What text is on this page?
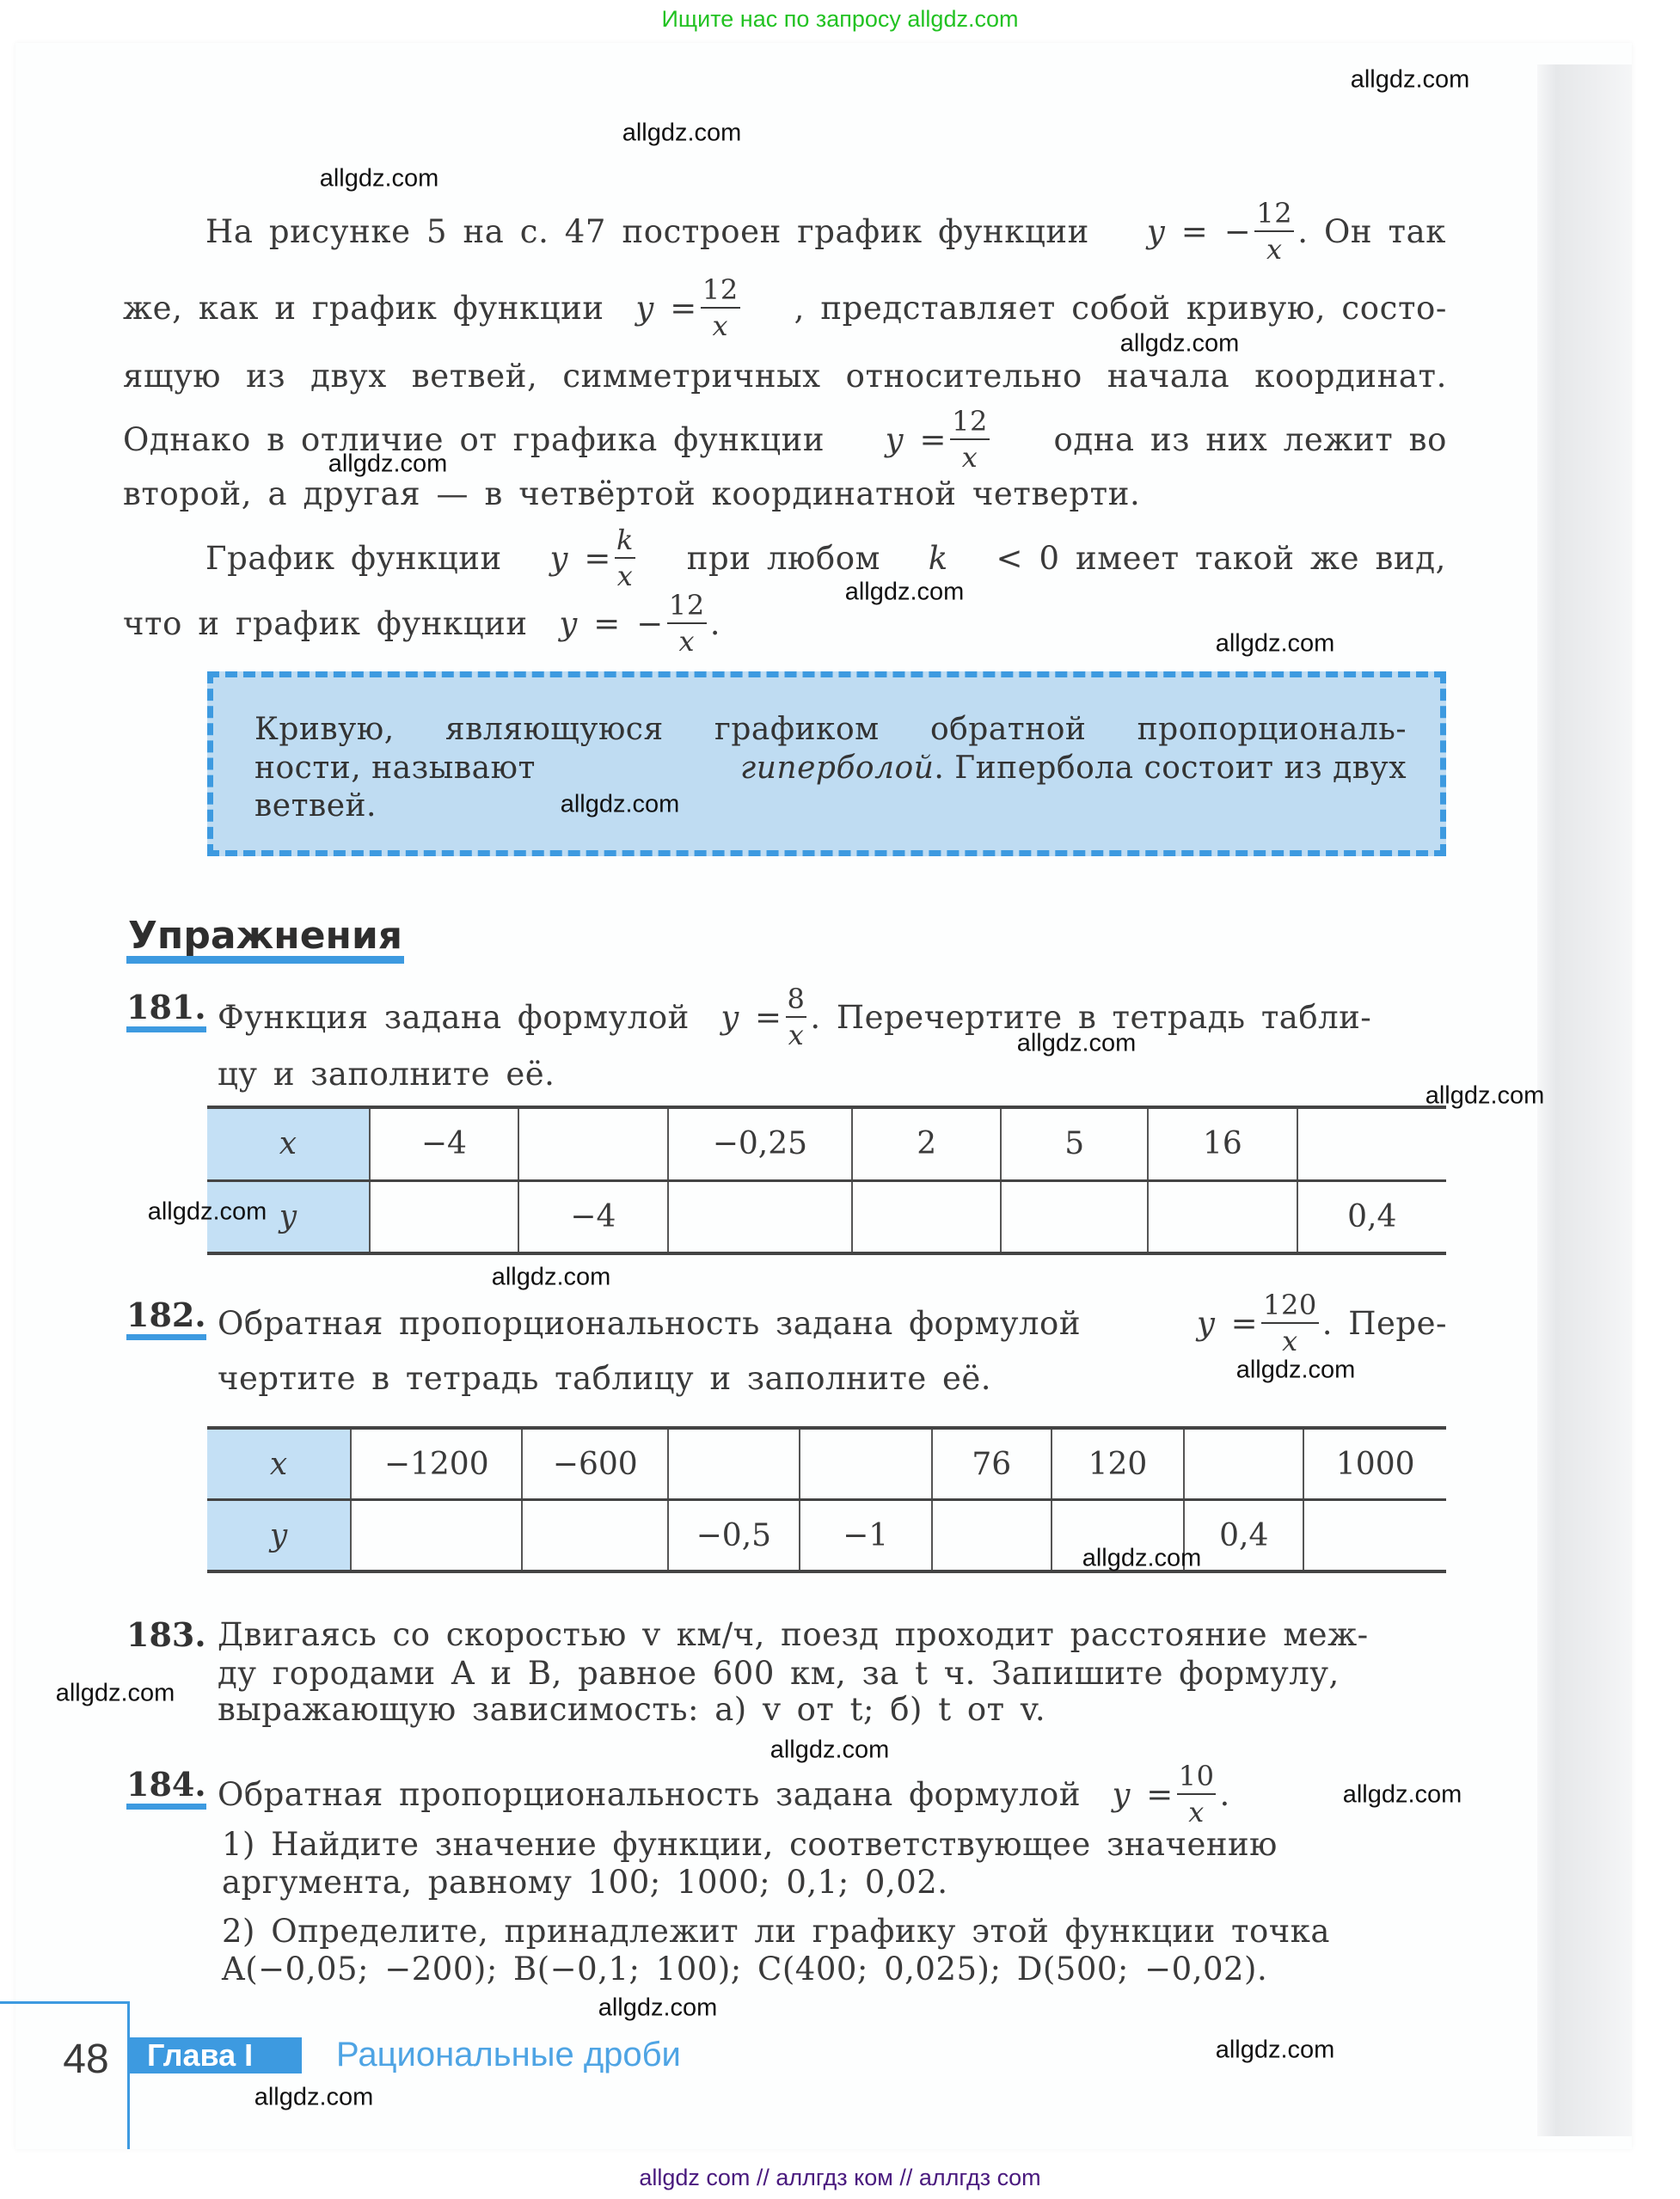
Ищите нас по запросу allgdz.com
На рисунке 5 на с. 47 построен график функции y
= − $\frac{12}{x}$ . Он так
же, как и график функции
y
= $\frac{12}{x}$ , представляет собой кривую, состо-
ящую из двух ветвей, симметричных относительно начала координат.
Однако в отличие от графика функции y
= $\frac{12}{x}$ одна из них лежит во
второй, а другая — в четвёртой координатной четверти.
График функции y
= $\frac{k}{x}$ при любом k < 0 имеет такой же вид,
что и график функции
y
= − $\frac{12}{x}$ .
Кривую, являющуюся графиком обратной пропорциональ-
ности, называют	гиперболой. Гипербола состоит из двух
ветвей.
Упражнения
181. Функция задана формулой
y
= $\frac{8}{x}$ . Перечертите в тетрадь табли-
цу и заполните её.
x	−4		−0,25	2	5	16	
y		−4					0,4
182. Обратная пропорциональность задана формулой	y
= $\frac{120}{x}$ . Пере-
чертите в тетрадь таблицу и заполните её.
x	−1200	−600			76	120		1000
y			−0,5	−1			0,4	
183. Двигаясь со скоростью v км/ч, поезд проходит расстояние меж-
ду городами A и B, равное 600 км, за t ч. Запишите формулу,
выражающую зависимость: а) v от t; б) t от v.
184. Обратная пропорциональность задана формулой
y
= $\frac{10}{x}$ .
1) Найдите значение функции, соответствующее значению
аргумента, равному 100; 1000; 0,1; 0,02.
2) Определите, принадлежит ли графику этой функции точка
A(−0,05; −200); B(−0,1; 100); C(400; 0,025); D(500; −0,02).
48	Глава I	Рациональные дроби
allgdz.com
allgdz.com
allgdz.com
allgdz.com
allgdz.com
allgdz.com
allgdz.com
allgdz.com
allgdz.com
allgdz.com
allgdz.com
allgdz.com
allgdz.com
allgdz.com
allgdz.com
allgdz.com
allgdz.com
allgdz.com
allgdz.com
allgdz.com
allgdz com // аллгдз ком // аллгдз com
